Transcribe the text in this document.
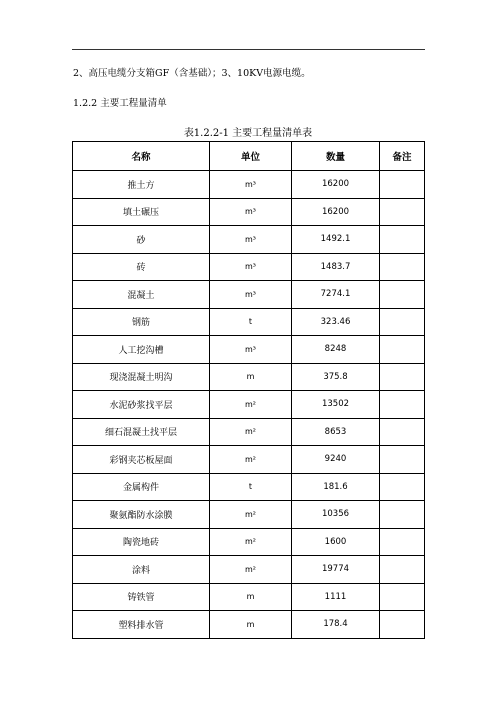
2、高压电缆分支箱GF（含基础）；3、10KV电源电缆。
1.2.2 主要工程量清单
表1.2.2-1 主要工程量清单表
名称	单位	数量	备注
推土方	m³	16200	
填土碾压	m³	16200	
砂	m³	1492.1	
砖	m³	1483.7	
混凝土	m³	7274.1	
钢筋	t	323.46	
人工挖沟槽	m³	8248	
现浇混凝土明沟	m	375.8	
水泥砂浆找平层	m²	13502	
细石混凝土找平层	m²	8653	
彩钢夹芯板屋面	m²	9240	
金属构件	t	181.6	
聚氨酯防水涂膜	m²	10356	
陶瓷地砖	m²	1600	
涂料	m²	19774	
铸铁管	m	1111	
塑料排水管	m	178.4	
